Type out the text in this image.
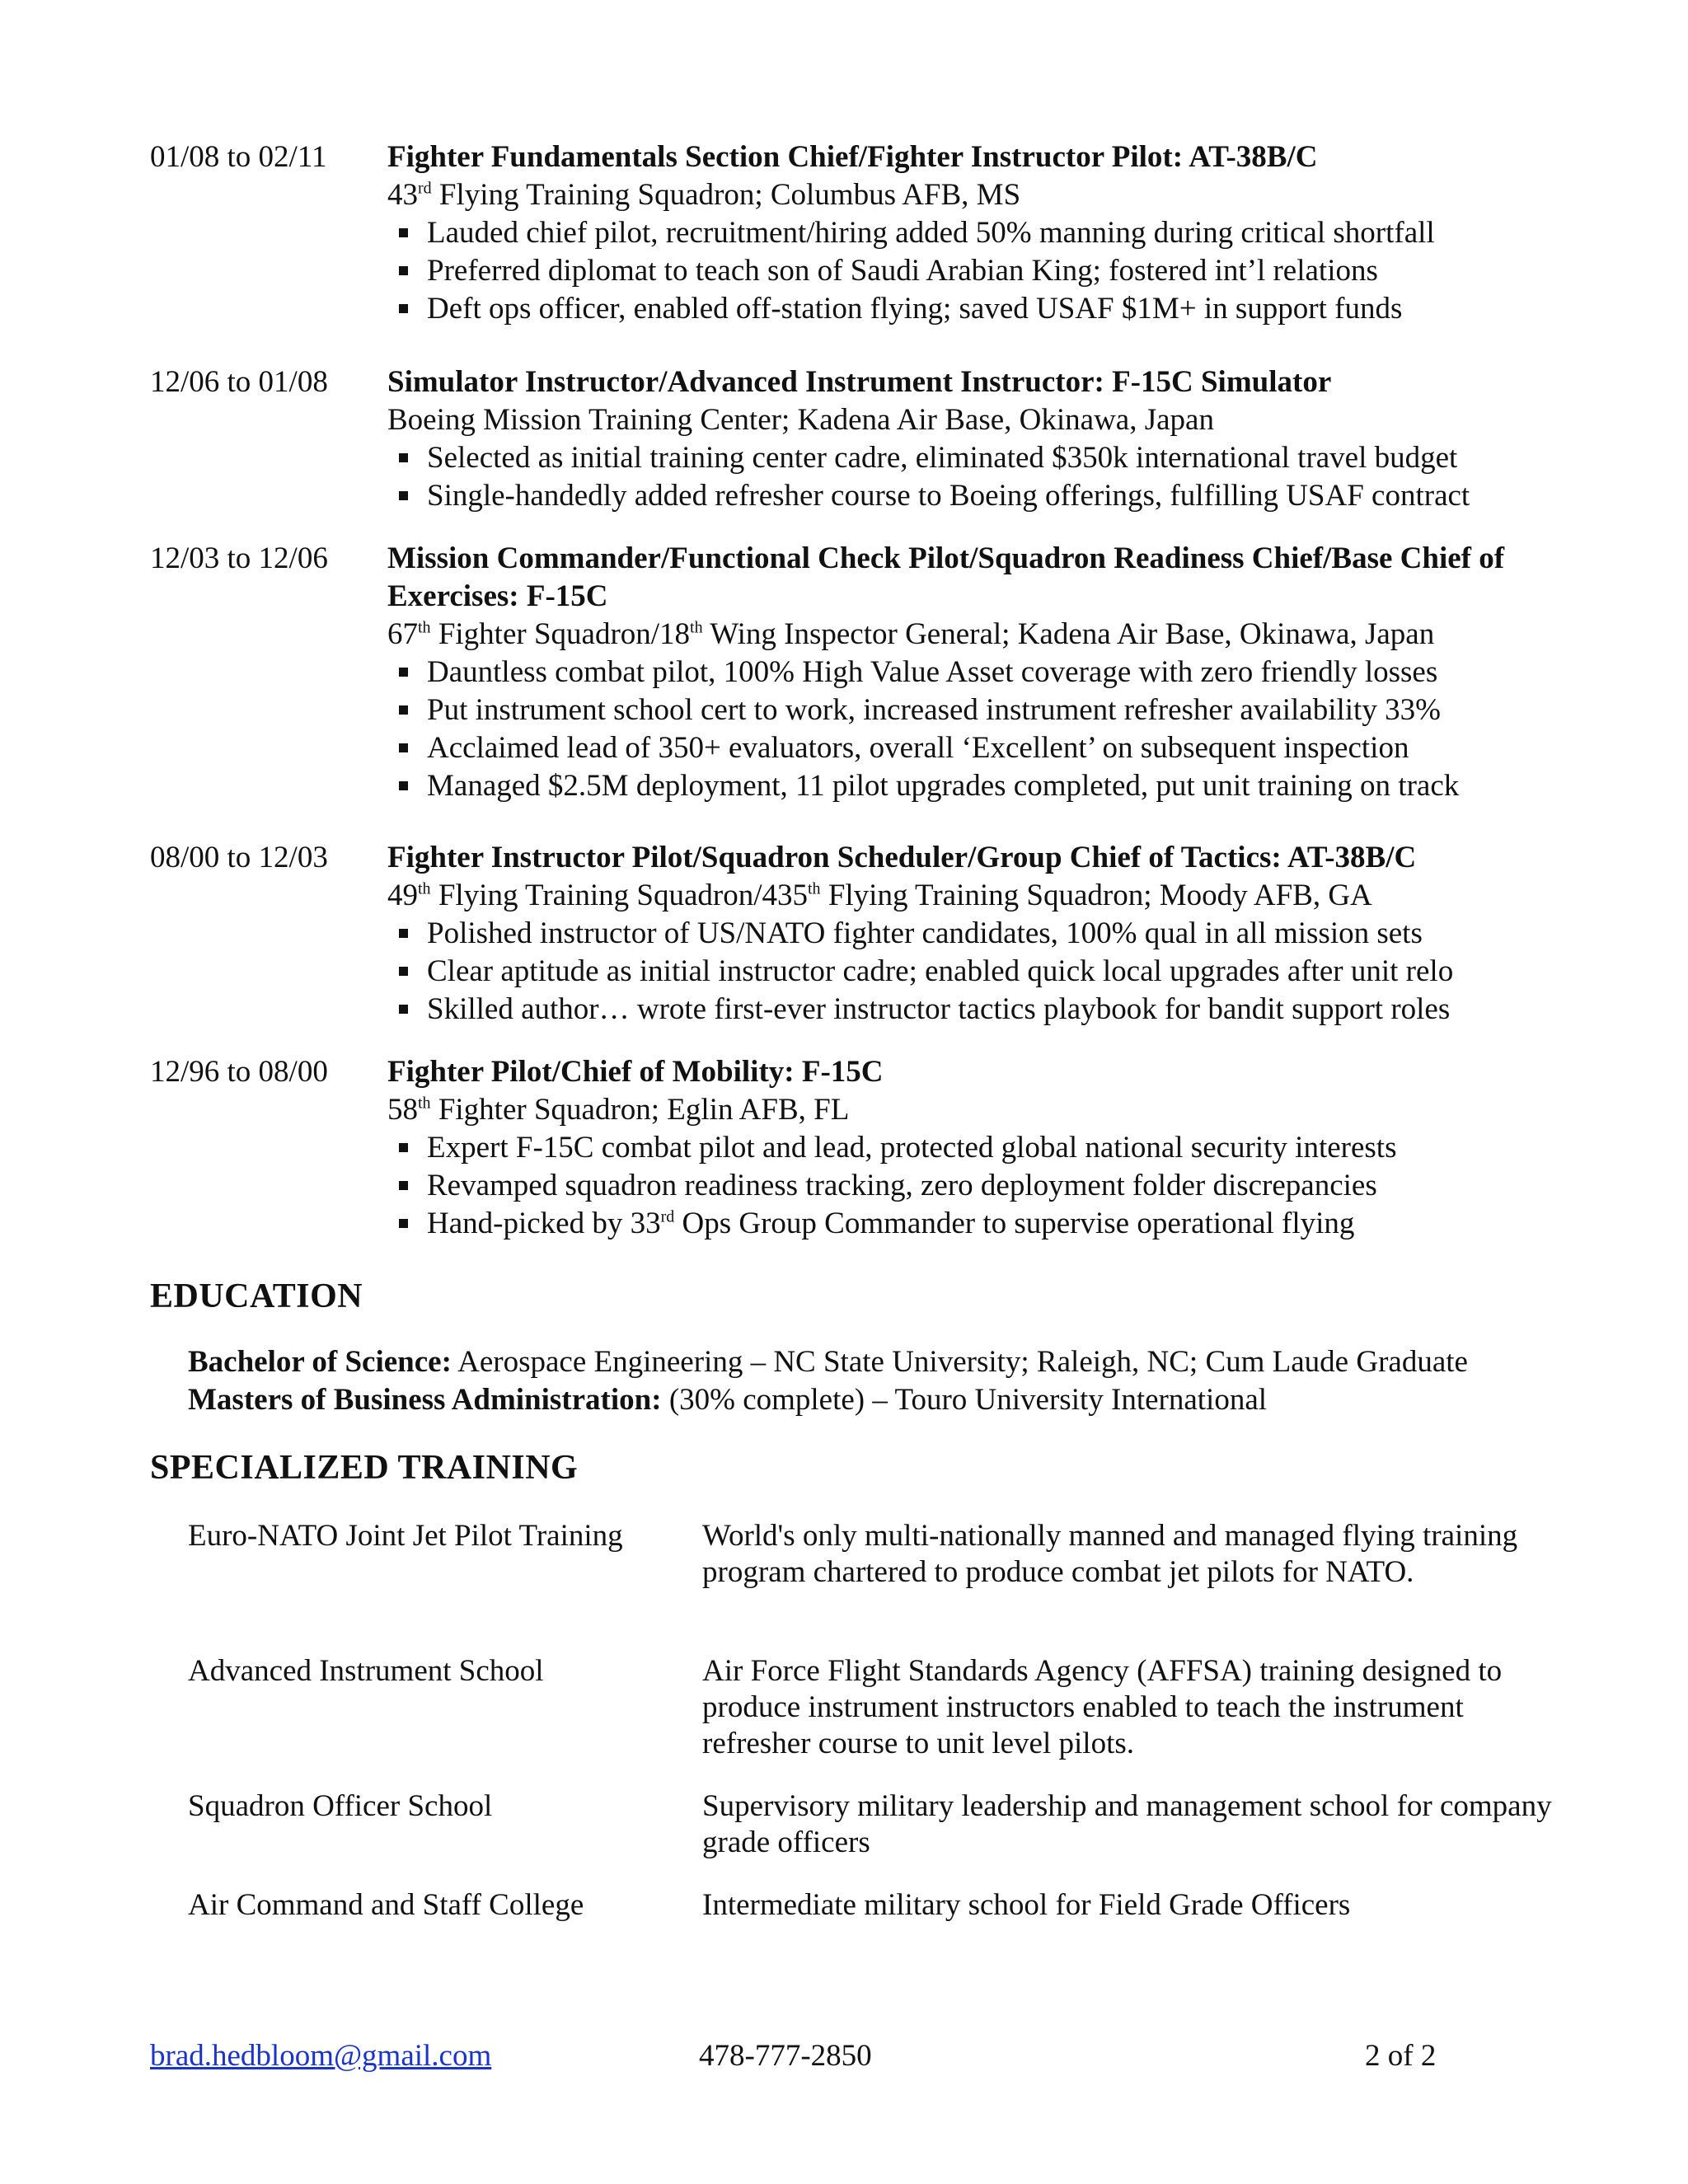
01/08 to 02/11 Fighter Fundamentals Section Chief/Fighter Instructor Pilot: AT-38B/C
43rd Flying Training Squadron; Columbus AFB, MS
Lauded chief pilot, recruitment/hiring added 50% manning during critical shortfall
Preferred diplomat to teach son of Saudi Arabian King; fostered int’l relations
Deft ops officer, enabled off-station flying; saved USAF $1M+ in support funds
12/06 to 01/08 Simulator Instructor/Advanced Instrument Instructor: F-15C Simulator
Boeing Mission Training Center; Kadena Air Base, Okinawa, Japan
Selected as initial training center cadre, eliminated $350k international travel budget
Single-handedly added refresher course to Boeing offerings, fulfilling USAF contract
12/03 to 12/06 Mission Commander/Functional Check Pilot/Squadron Readiness Chief/Base Chief of Exercises: F-15C
67th Fighter Squadron/18th Wing Inspector General; Kadena Air Base, Okinawa, Japan
Dauntless combat pilot, 100% High Value Asset coverage with zero friendly losses
Put instrument school cert to work, increased instrument refresher availability 33%
Acclaimed lead of 350+ evaluators, overall ‘Excellent’ on subsequent inspection
Managed $2.5M deployment, 11 pilot upgrades completed, put unit training on track
08/00 to 12/03 Fighter Instructor Pilot/Squadron Scheduler/Group Chief of Tactics: AT-38B/C
49th Flying Training Squadron/435th Flying Training Squadron; Moody AFB, GA
Polished instructor of US/NATO fighter candidates, 100% qual in all mission sets
Clear aptitude as initial instructor cadre; enabled quick local upgrades after unit relo
Skilled author… wrote first-ever instructor tactics playbook for bandit support roles
12/96 to 08/00 Fighter Pilot/Chief of Mobility: F-15C
58th Fighter Squadron; Eglin AFB, FL
Expert F-15C combat pilot and lead, protected global national security interests
Revamped squadron readiness tracking, zero deployment folder discrepancies
Hand-picked by 33rd Ops Group Commander to supervise operational flying
EDUCATION
Bachelor of Science: Aerospace Engineering – NC State University; Raleigh, NC; Cum Laude Graduate
Masters of Business Administration: (30% complete) – Touro University International
SPECIALIZED TRAINING
Euro-NATO Joint Jet Pilot Training	World's only multi-nationally manned and managed flying training program chartered to produce combat jet pilots for NATO.
Advanced Instrument School	Air Force Flight Standards Agency (AFFSA) training designed to produce instrument instructors enabled to teach the instrument refresher course to unit level pilots.
Squadron Officer School	Supervisory military leadership and management school for company grade officers
Air Command and Staff College	Intermediate military school for Field Grade Officers
brad.hedbloom@gmail.com	478-777-2850	2 of 2
